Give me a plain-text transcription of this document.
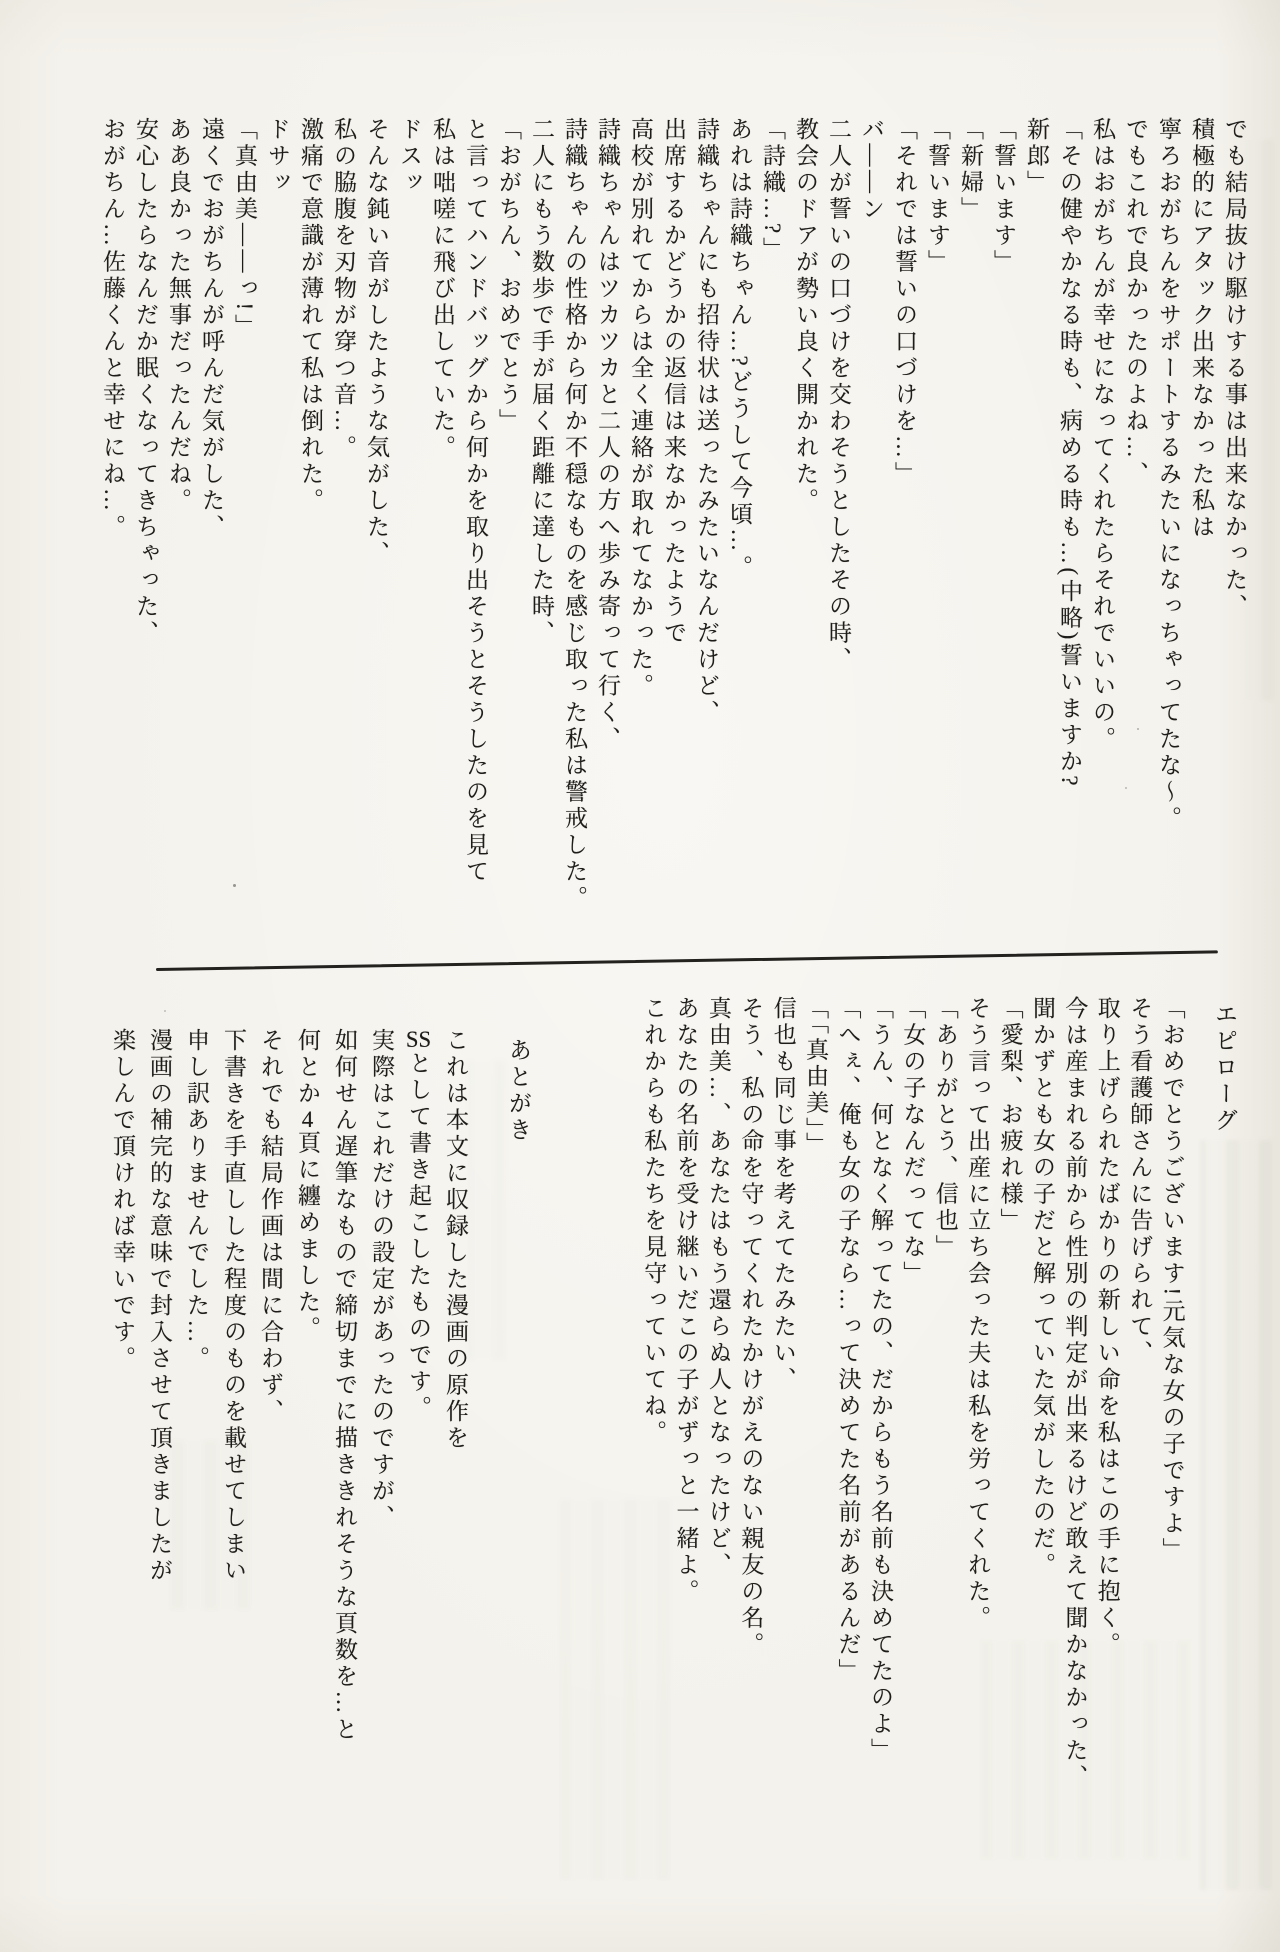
でも結局抜け駆けする事は出来なかった、

積極的にアタック出来なかった私は

寧ろおがちんをサポートするみたいになっちゃってたな〜。

でもこれで良かったのよね…、

私はおがちんが幸せになってくれたらそれでいいの。

「その健やかなる時も、病める時も…(中略)誓いますか?

新郎」

「誓います」

「新婦」

「誓います」

「それでは誓いの口づけを…」

バ――ン

二人が誓いの口づけを交わそうとしたその時、

教会のドアが勢い良く開かれた。

「詩織…?」

あれは詩織ちゃん…?どうして今頃…。

詩織ちゃんにも招待状は送ったみたいなんだけど、

出席するかどうかの返信は来なかったようで

高校が別れてからは全く連絡が取れてなかった。

詩織ちゃんはツカツカと二人の方へ歩み寄って行く、

詩織ちゃんの性格から何か不穏なものを感じ取った私は警戒した。

二人にもう数歩で手が届く距離に達した時、

「おがちん、おめでとう」

と言ってハンドバッグから何かを取り出そうとそうしたのを見て

私は咄嗟に飛び出していた。

ドスッ

そんな鈍い音がしたような気がした、

私の脇腹を刃物が穿つ音…。

激痛で意識が薄れて私は倒れた。

ドサッ

「真由美――っ!」

遠くでおがちんが呼んだ気がした、

ああ良かった無事だったんだね。

安心したらなんだか眠くなってきちゃった、

おがちん…佐藤くんと幸せにね…。

エピローグ

「おめでとうございます!元気な女の子ですよ」

そう看護師さんに告げられて、

取り上げられたばかりの新しい命を私はこの手に抱く。

今は産まれる前から性別の判定が出来るけど敢えて聞かなかった、

聞かずとも女の子だと解っていた気がしたのだ。

「愛梨、お疲れ様」

そう言って出産に立ち会った夫は私を労ってくれた。

「ありがとう、信也」

「女の子なんだってな」

「うん、何となく解ってたの、だからもう名前も決めてたのよ」

「へぇ、俺も女の子なら…って決めてた名前があるんだ」

「「真由美」」

信也も同じ事を考えてたみたい、

そう、私の命を守ってくれたかけがえのない親友の名。

真由美…、あなたはもう還らぬ人となったけど、

あなたの名前を受け継いだこの子がずっと一緒よ。

これからも私たちを見守っていてね。

あとがき

これは本文に収録した漫画の原作を

SSとして書き起こしたものです。

実際はこれだけの設定があったのですが、

如何せん遅筆なもので締切までに描ききれそうな頁数を…と

何とか4頁に纏めました。

それでも結局作画は間に合わず、

下書きを手直しした程度のものを載せてしまい

申し訳ありませんでした…。

漫画の補完的な意味で封入させて頂きましたが

楽しんで頂ければ幸いです。
